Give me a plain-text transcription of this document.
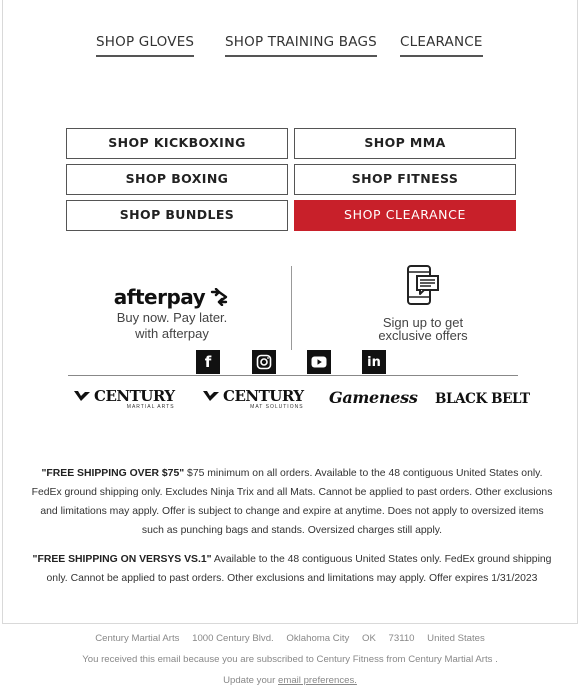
SHOP GLOVES SHOP TRAINING BAGS CLEARANCE
SHOP KICKBOXING	SHOP MMA
SHOP BOXING	SHOP FITNESS
SHOP BUNDLES	SHOP CLEARANCE
afterpay
Buy now. Pay later.
with afterpay
Sign up to get
exclusive offers
f	in
CENTURY
MARTIAL ARTS
CENTURY
MAT SOLUTIONS Gameness BLACK BELT

"FREE SHIPPING OVER $75" $75 minimum on all orders. Available to the 48 contiguous United States only. FedEx ground shipping only. Excludes Ninja Trix and all Mats. Cannot be applied to past orders. Other exclusions and limitations may apply. Offer is subject to change and expire at anytime. Does not apply to oversized items such as punching bags and stands. Oversized charges still apply.

"FREE SHIPPING ON VERSYS VS.1" Available to the 48 contiguous United States only. FedEx ground shipping only. Cannot be applied to past orders. Other exclusions and limitations may apply. Offer expires 1/31/2023

Century Martial Arts 1000 Century Blvd. Oklahoma City OK 73110 United States
You received this email because you are subscribed to Century Fitness from Century Martial Arts .
Update your email preferences.
